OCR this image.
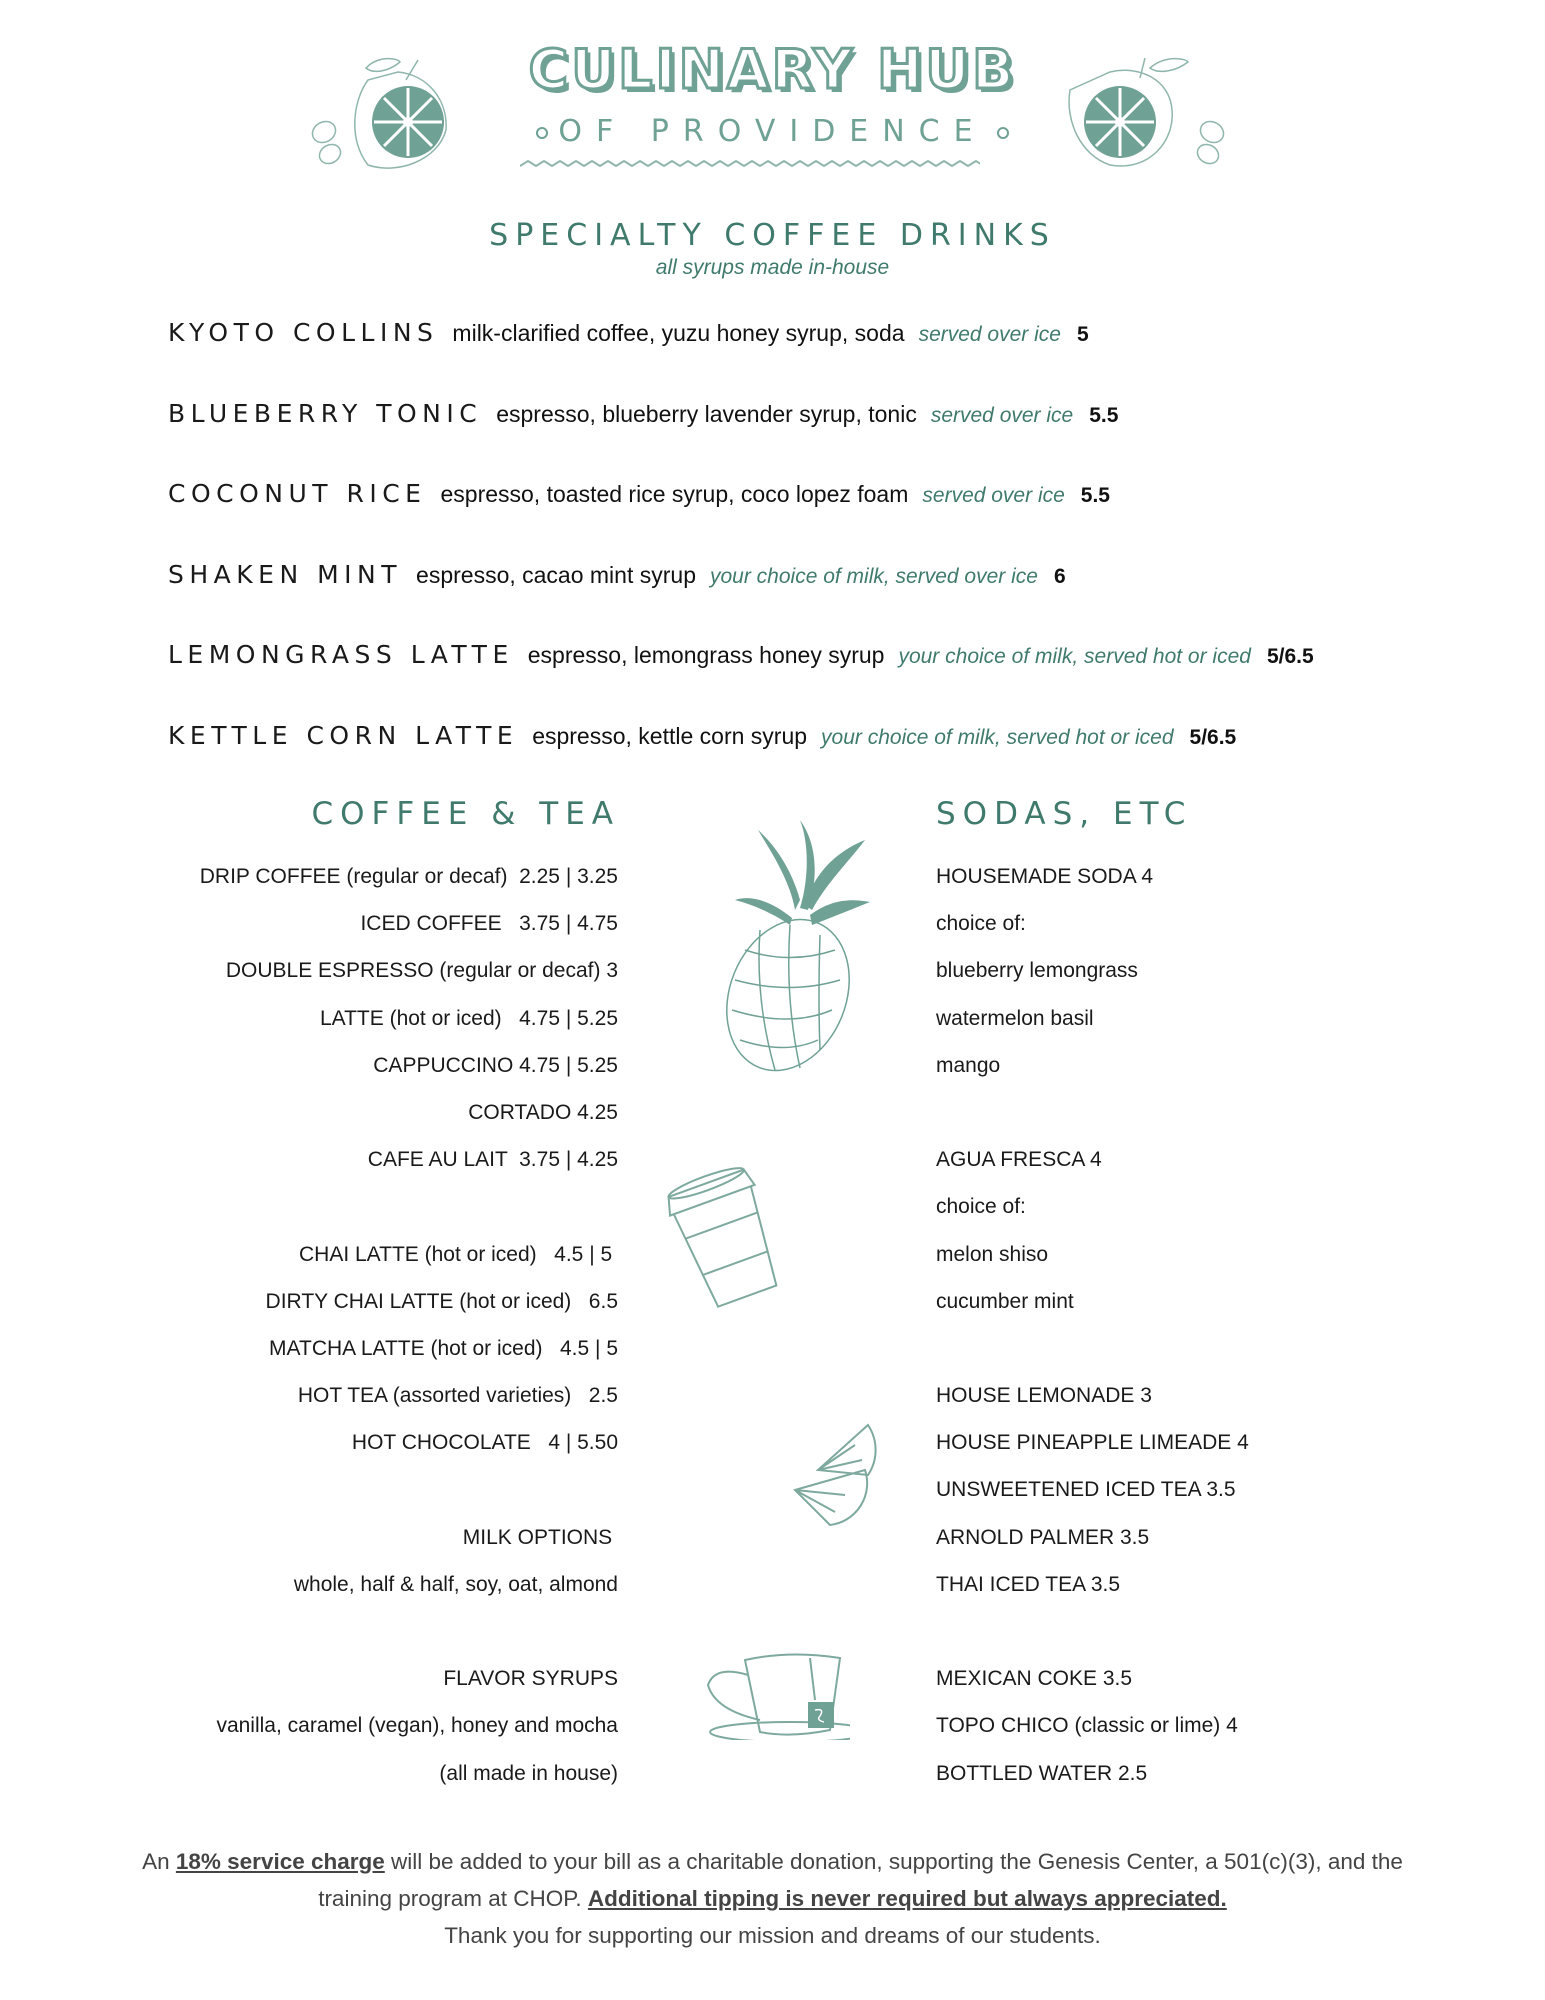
CULINARY HUB
OF PROVIDENCE
SPECIALTY COFFEE DRINKS
all syrups made in-house
KYOTO COLLINS milk-clarified coffee, yuzu honey syrup, soda served over ice 5
BLUEBERRY TONIC espresso, blueberry lavender syrup, tonic served over ice 5.5
COCONUT RICE espresso, toasted rice syrup, coco lopez foam served over ice 5.5
SHAKEN MINT espresso, cacao mint syrup your choice of milk, served over ice 6
LEMONGRASS LATTE espresso, lemongrass honey syrup your choice of milk, served hot or iced 5/6.5
KETTLE CORN LATTE espresso, kettle corn syrup your choice of milk, served hot or iced 5/6.5
COFFEE & TEA
DRIP COFFEE (regular or decaf)  2.25 | 3.25
ICED COFFEE   3.75 | 4.75
DOUBLE ESPRESSO (regular or decaf) 3
LATTE (hot or iced)   4.75 | 5.25
CAPPUCCINO 4.75 | 5.25
CORTADO 4.25
CAFE AU LAIT  3.75 | 4.25
CHAI LATTE (hot or iced)   4.5 | 5
DIRTY CHAI LATTE (hot or iced)   6.5
MATCHA LATTE (hot or iced)   4.5 | 5
HOT TEA (assorted varieties)   2.5
HOT CHOCOLATE   4 | 5.50
MILK OPTIONS
whole, half & half, soy, oat, almond
FLAVOR SYRUPS
vanilla, caramel (vegan), honey and mocha
(all made in house)
SODAS, ETC
HOUSEMADE SODA 4
choice of:
blueberry lemongrass
watermelon basil
mango
AGUA FRESCA 4
choice of:
melon shiso
cucumber mint
HOUSE LEMONADE 3
HOUSE PINEAPPLE LIMEADE 4
UNSWEETENED ICED TEA 3.5
ARNOLD PALMER 3.5
THAI ICED TEA 3.5
MEXICAN COKE 3.5
TOPO CHICO (classic or lime) 4
BOTTLED WATER 2.5
An 18% service charge will be added to your bill as a charitable donation, supporting the Genesis Center, a 501(c)(3), and the
training program at CHOP. Additional tipping is never required but always appreciated.
Thank you for supporting our mission and dreams of our students.
